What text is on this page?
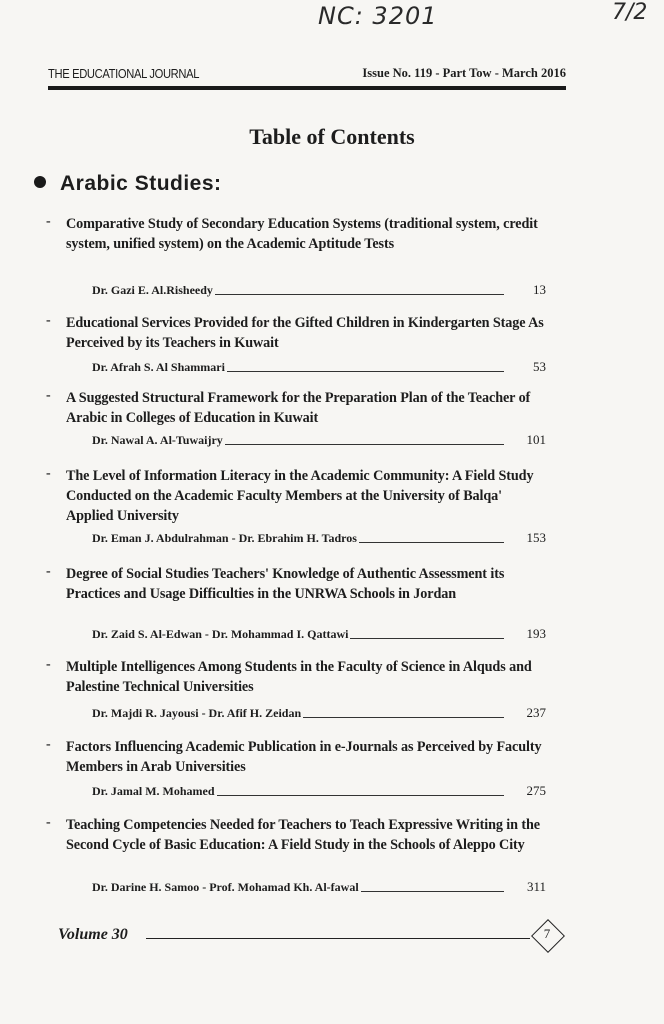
NC: 3201	7/2
THE EDUCATIONAL JOURNAL	Issue No. 119 - Part Tow - March 2016
Table of Contents
Arabic Studies:
- Comparative Study of Secondary Education Systems (traditional system, credit system, unified system) on the Academic Aptitude Tests

Dr. Gazi E. Al.Risheedy	13
- Educational Services Provided for the Gifted Children in Kindergarten Stage As Perceived by its Teachers in Kuwait

Dr. Afrah S. Al Shammari	53
- A Suggested Structural Framework for the Preparation Plan of the Teacher of Arabic in Colleges of Education in Kuwait

Dr. Nawal A. Al-Tuwaijry	101
- The Level of Information Literacy in the Academic Community: A Field Study Conducted on the Academic Faculty Members at the University of Balqa' Applied University

Dr. Eman J. Abdulrahman - Dr. Ebrahim H. Tadros	153
- Degree of Social Studies Teachers' Knowledge of Authentic Assessment its Practices and Usage Difficulties in the UNRWA Schools in Jordan

Dr. Zaid S. Al-Edwan - Dr. Mohammad I. Qattawi	193
- Multiple Intelligences Among Students in the Faculty of Science in Alquds and Palestine Technical Universities

Dr. Majdi R. Jayousi - Dr. Afif H. Zeidan	237
- Factors Influencing Academic Publication in e-Journals as Perceived by Faculty Members in Arab Universities

Dr. Jamal M. Mohamed	275
- Teaching Competencies Needed for Teachers to Teach Expressive Writing in the Second Cycle of Basic Education: A Field Study in the Schools of Aleppo City

Dr. Darine H. Samoo - Prof. Mohamad Kh. Al-fawal	311
Volume 30	7
